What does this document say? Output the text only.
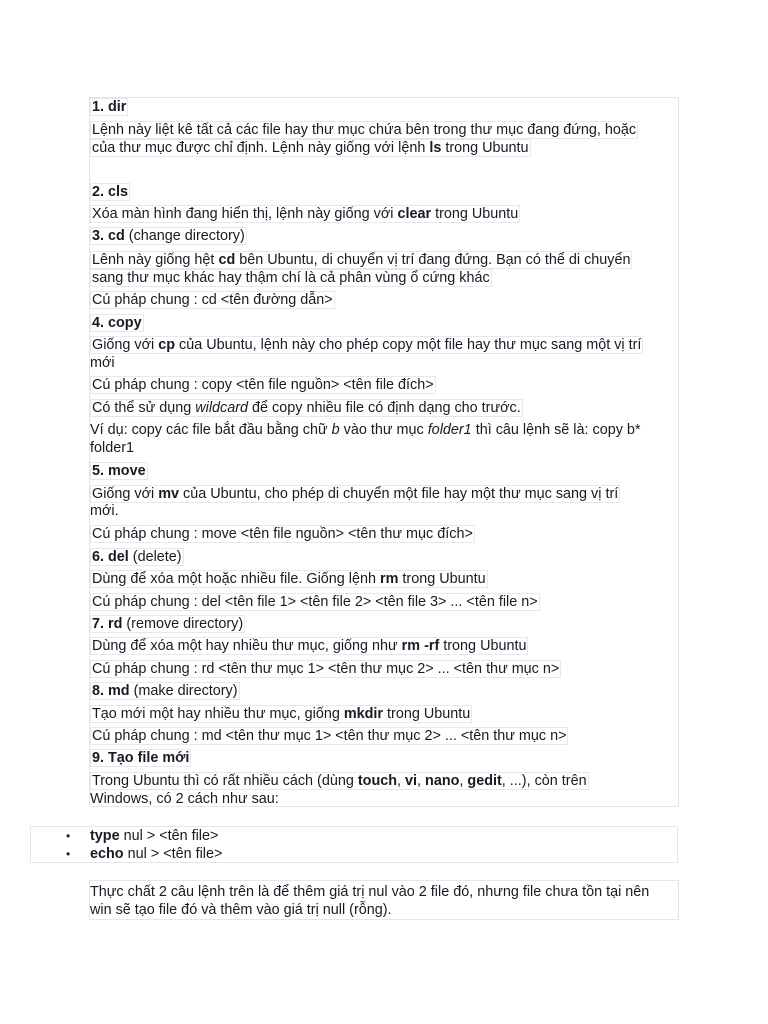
1. dir
Lệnh này liệt kê tất cả các file hay thư mục chứa bên trong thư mục đang đứng, hoặc
của thư mục được chỉ định. Lệnh này giống với lệnh ls trong Ubuntu
2. cls
Xóa màn hình đang hiển thị, lệnh này giống với clear trong Ubuntu
3. cd (change directory)
Lênh này giống hệt cd bên Ubuntu, di chuyển vị trí đang đứng. Bạn có thể di chuyển
sang thư mục khác hay thậm chí là cả phân vùng ổ cứng khác
Cú pháp chung : cd <tên đường dẫn>
4. copy
Giống với cp của Ubuntu, lệnh này cho phép copy một file hay thư mục sang một vị trí
mới
Cú pháp chung : copy <tên file nguồn> <tên file đích>
Có thể sử dụng wildcard để copy nhiều file có định dạng cho trước.
Ví dụ: copy các file bắt đầu bằng chữ b vào thư mục folder1 thì câu lệnh sẽ là: copy b*
folder1
5. move
Giống với mv của Ubuntu, cho phép di chuyển một file hay một thư mục sang vị trí
mới.
Cú pháp chung : move <tên file nguồn> <tên thư mục đích>
6. del (delete)
Dùng để xóa một hoặc nhiều file. Giống lệnh rm trong Ubuntu
Cú pháp chung : del <tên file 1> <tên file 2> <tên file 3> ... <tên file n>
7. rd (remove directory)
Dùng để xóa một hay nhiều thư mục, giống như rm -rf trong Ubuntu
Cú pháp chung : rd <tên thư mục 1> <tên thư mục 2> ... <tên thư mục n>
8. md (make directory)
Tạo mới một hay nhiều thư mục, giống mkdir trong Ubuntu
Cú pháp chung : md <tên thư mục 1> <tên thư mục 2> ... <tên thư mục n>
9. Tạo file mới
Trong Ubuntu thì có rất nhiều cách (dùng touch, vi, nano, gedit, ...), còn trên
Windows, có 2 cách như sau:
• type nul > <tên file>
• echo nul > <tên file>
Thực chất 2 câu lệnh trên là để thêm giá trị nul vào 2 file đó, nhưng file chưa tồn tại nên
win sẽ tạo file đó và thêm vào giá trị null (rỗng).
